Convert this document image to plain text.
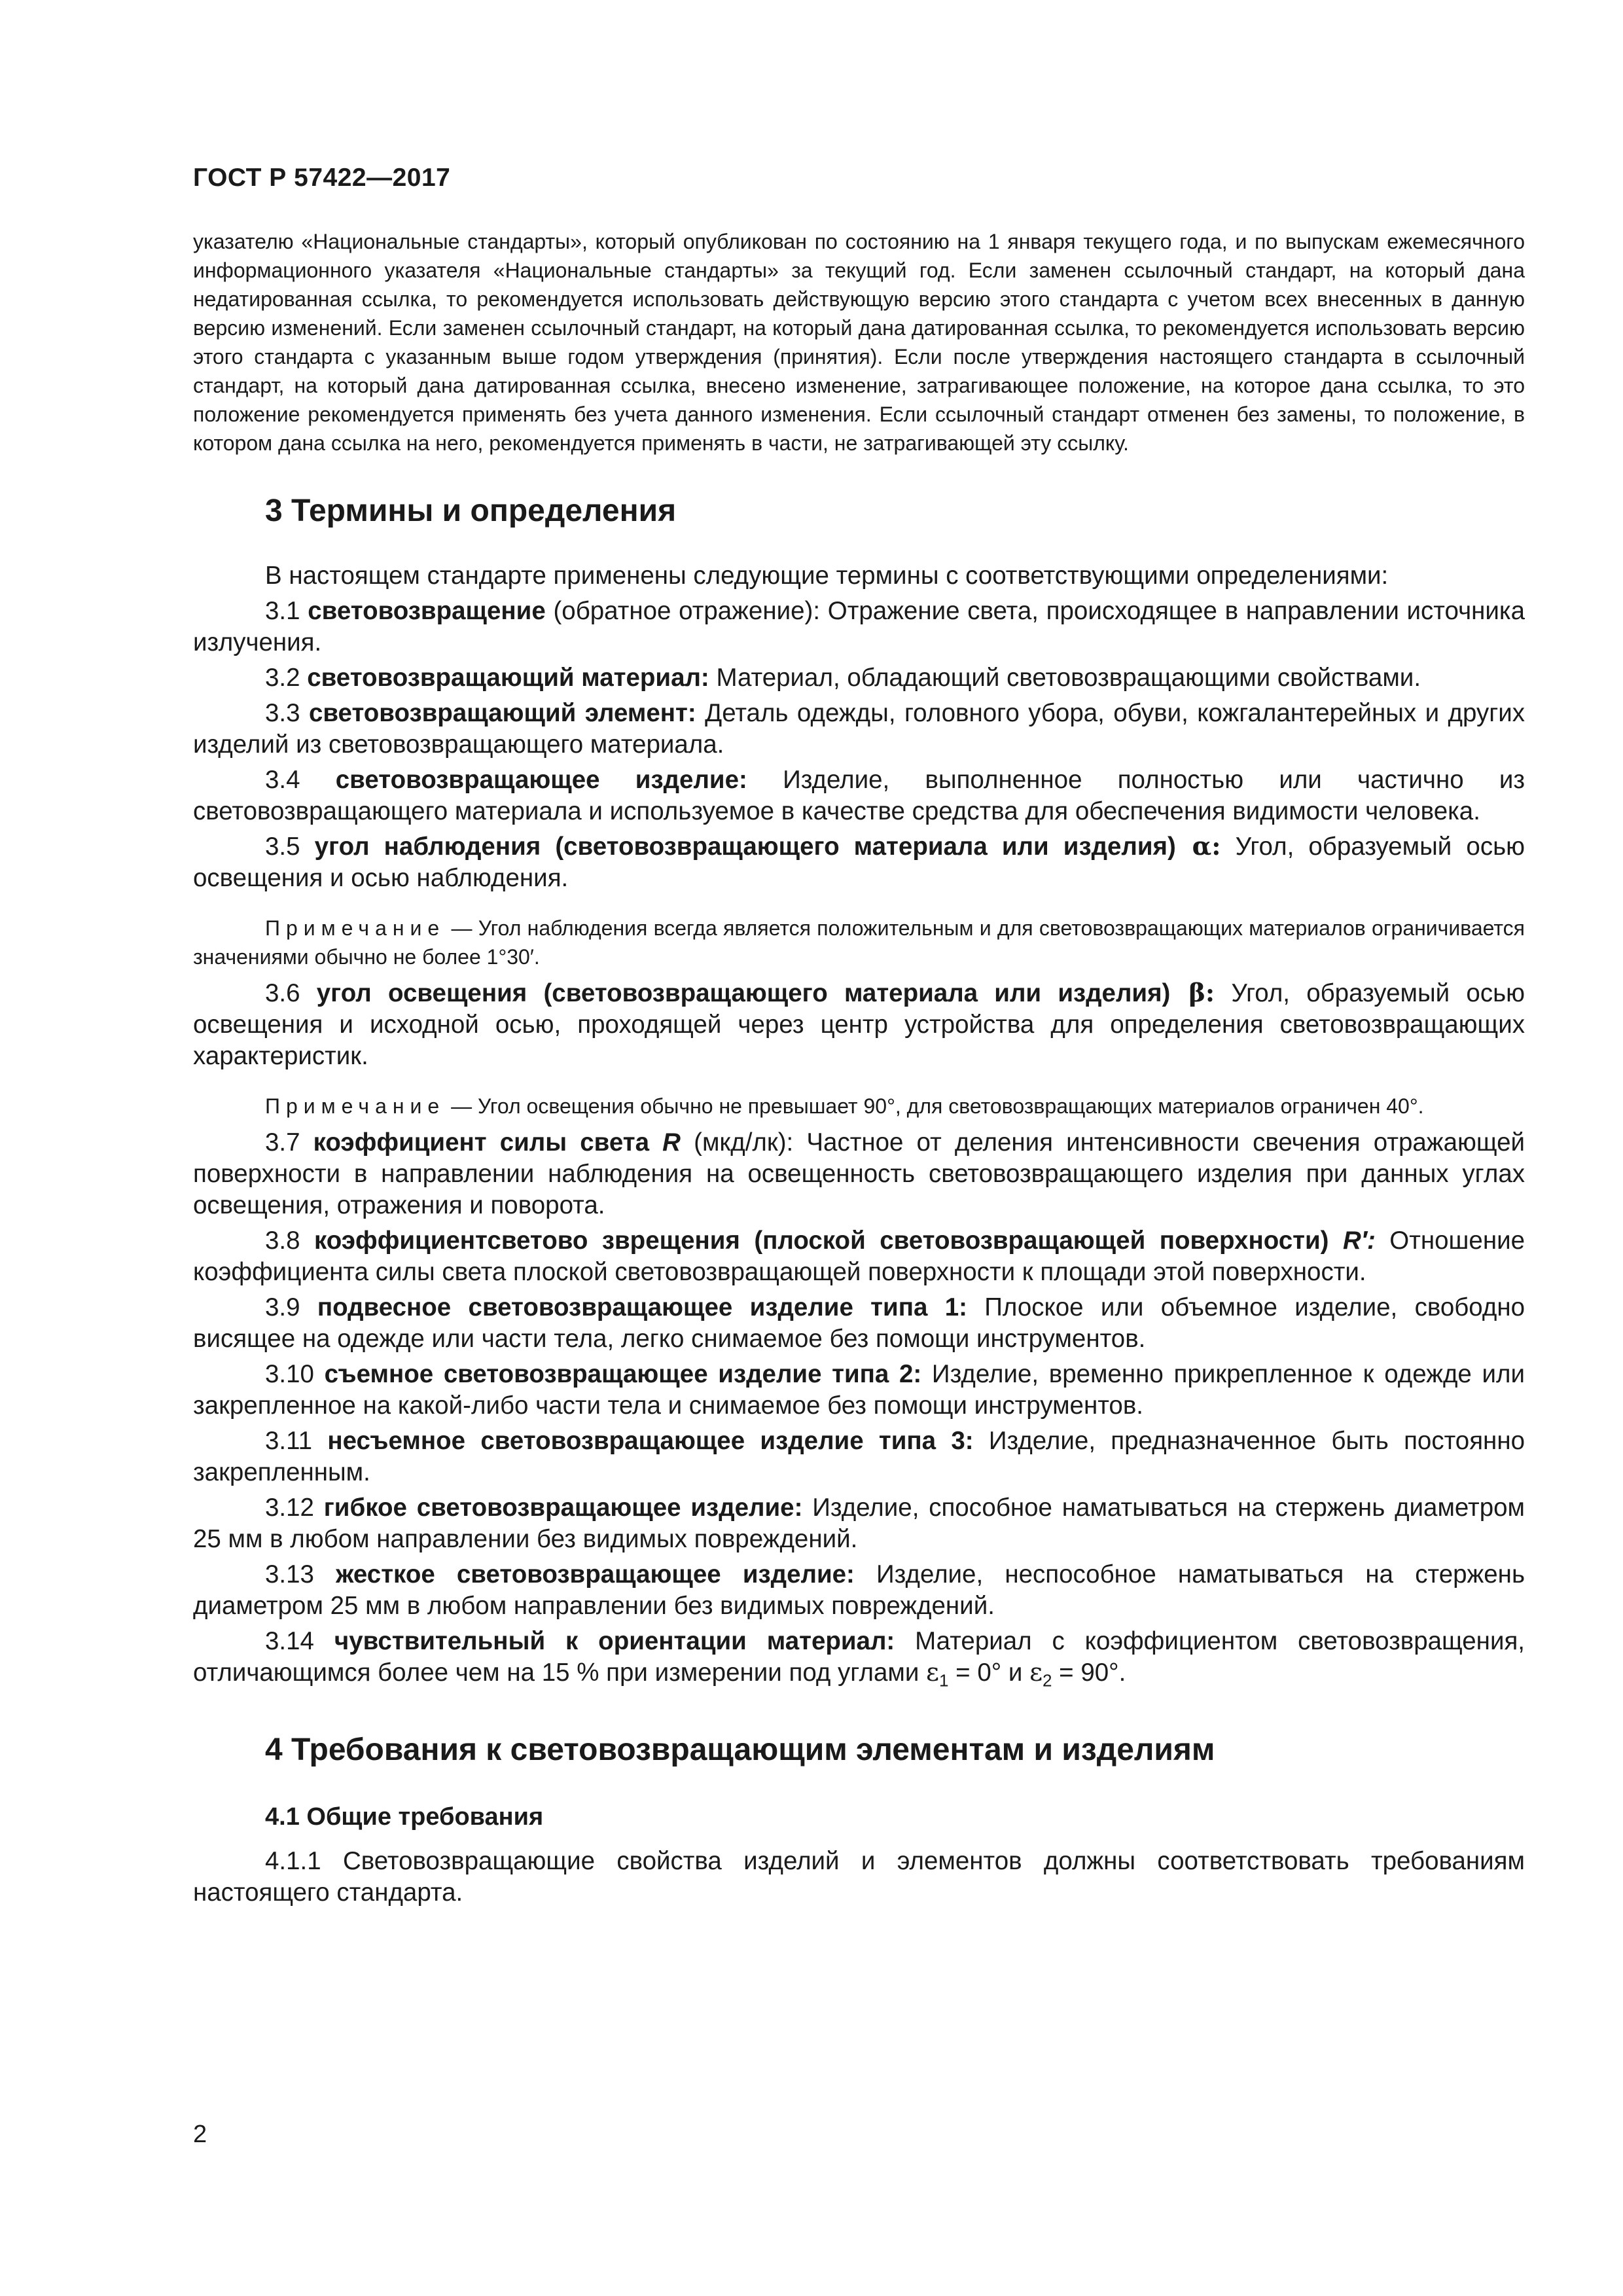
ГОСТ Р 57422—2017

указателю «Национальные стандарты», который опубликован по состоянию на 1 января текущего года, и по выпускам ежемесячного информационного указателя «Национальные стандарты» за текущий год. Если заменен ссылочный стандарт, на который дана недатированная ссылка, то рекомендуется использовать действующую версию этого стандарта с учетом всех внесенных в данную версию изменений. Если заменен ссылочный стандарт, на который дана датированная ссылка, то рекомендуется использовать версию этого стандарта с указанным выше годом утверждения (принятия). Если после утверждения настоящего стандарта в ссылочный стандарт, на который дана датированная ссылка, внесено изменение, затрагивающее положение, на которое дана ссылка, то это положение рекомендуется применять без учета данного изменения. Если ссылочный стандарт отменен без замены, то положение, в котором дана ссылка на него, рекомендуется применять в части, не затрагивающей эту ссылку.

3 Термины и определения

В настоящем стандарте применены следующие термины с соответствующими определениями:

3.1 световозвращение (обратное отражение): Отражение света, происходящее в направлении источника излучения.

3.2 световозвращающий материал: Материал, обладающий световозвращающими свойствами.

3.3 световозвращающий элемент: Деталь одежды, головного убора, обуви, кожгалантерейных и других изделий из световозвращающего материала.

3.4 световозвращающее изделие: Изделие, выполненное полностью или частично из световозвращающего материала и используемое в качестве средства для обеспечения видимости человека.

3.5 угол наблюдения (световозвращающего материала или изделия) α: Угол, образуемый осью освещения и осью наблюдения.

Примечание — Угол наблюдения всегда является положительным и для световозвращающих материалов ограничивается значениями обычно не более 1°30′.

3.6 угол освещения (световозвращающего материала или изделия) β: Угол, образуемый осью освещения и исходной осью, проходящей через центр устройства для определения световозвращающих характеристик.

Примечание — Угол освещения обычно не превышает 90°, для световозвращающих материалов ограничен 40°.

3.7 коэффициент силы света R (мкд/лк): Частное от деления интенсивности свечения отражающей поверхности в направлении наблюдения на освещенность световозвращающего изделия при данных углах освещения, отражения и поворота.

3.8 коэффициентсветово зврещения (плоской световозвращающей поверхности) R′: Отношение коэффициента силы света плоской световозвращающей поверхности к площади этой поверхности.

3.9 подвесное световозвращающее изделие типа 1: Плоское или объемное изделие, свободно висящее на одежде или части тела, легко снимаемое без помощи инструментов.

3.10 съемное световозвращающее изделие типа 2: Изделие, временно прикрепленное к одежде или закрепленное на какой-либо части тела и снимаемое без помощи инструментов.

3.11 несъемное световозвращающее изделие типа 3: Изделие, предназначенное быть постоянно закрепленным.

3.12 гибкое световозвращающее изделие: Изделие, способное наматываться на стержень диаметром 25 мм в любом направлении без видимых повреждений.

3.13 жесткое световозвращающее изделие: Изделие, неспособное наматываться на стержень диаметром 25 мм в любом направлении без видимых повреждений.

3.14 чувствительный к ориентации материал: Материал с коэффициентом световозвращения, отличающимся более чем на 15 % при измерении под углами $\varepsilon_1 = 0^\circ$ и $\varepsilon_2 = 90^\circ$.

4 Требования к световозвращающим элементам и изделиям
4.1 Общие требования

4.1.1 Световозвращающие свойства изделий и элементов должны соответствовать требованиям настоящего стандарта.

2
